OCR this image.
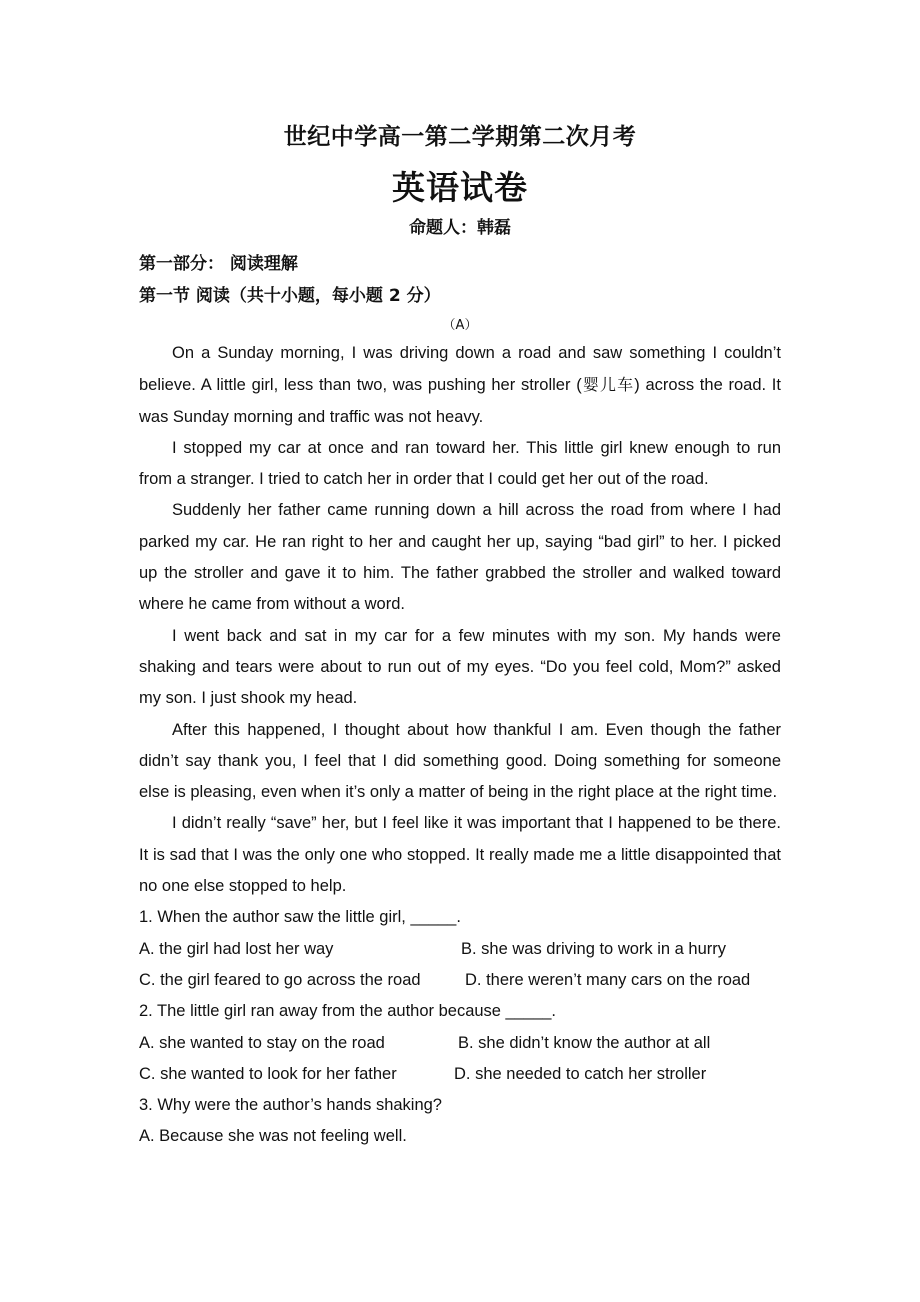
世纪中学高一第二学期第二次月考
英语试卷
命题人：韩磊
第一部分： 阅读理解
第一节 阅读（共十小题，每小题 2 分）
（A）

On a Sunday morning, I was driving down a road and saw something I couldn’t believe. A little girl, less than two, was pushing her stroller (婴儿车) across the road. It was Sunday morning and traffic was not heavy.

I stopped my car at once and ran toward her. This little girl knew enough to run from a stranger. I tried to catch her in order that I could get her out of the road.

Suddenly her father came running down a hill across the road from where I had parked my car. He ran right to her and caught her up, saying “bad girl” to her. I picked up the stroller and gave it to him. The father grabbed the stroller and walked toward where he came from without a word.

I went back and sat in my car for a few minutes with my son. My hands were shaking and tears were about to run out of my eyes. “Do you feel cold, Mom?” asked my son. I just shook my head.

After this happened, I thought about how thankful I am. Even though the father didn’t say thank you, I feel that I did something good. Doing something for someone else is pleasing, even when it’s only a matter of being in the right place at the right time.

I didn’t really “save” her, but I feel like it was important that I happened to be there. It is sad that I was the only one who stopped. It really made me a little disappointed that no one else stopped to help.

1. When the author saw the little girl, _____.
A. the girl had lost her way	B. she was driving to work in a hurry
C. the girl feared to go across the road	D. there weren’t many cars on the road
2. The little girl ran away from the author because _____.
A. she wanted to stay on the road	B. she didn’t know the author at all
C. she wanted to look for her father	D. she needed to catch her stroller
3. Why were the author’s hands shaking?
A. Because she was not feeling well.
